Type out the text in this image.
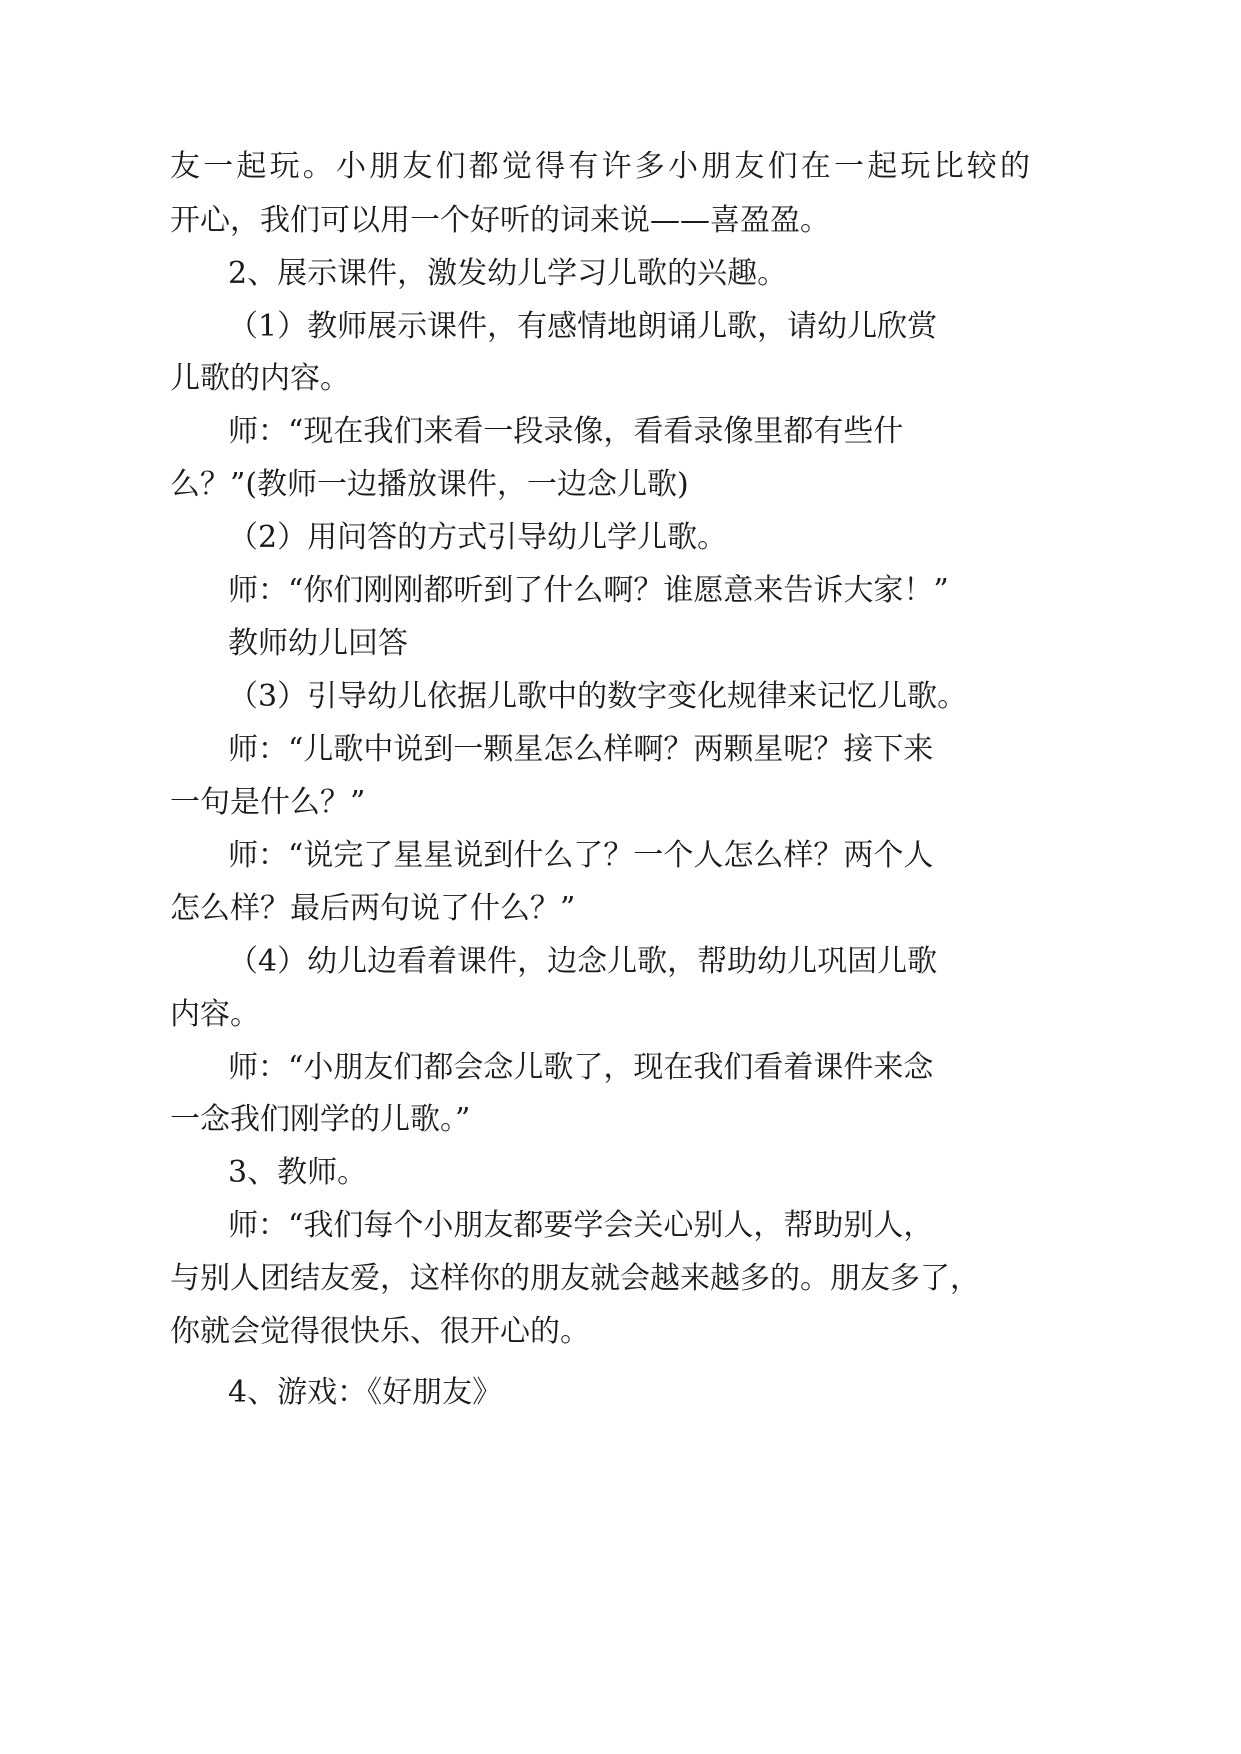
友一起玩。小朋友们都觉得有许多小朋友们在一起玩比较的

开心，我们可以用一个好听的词来说——喜盈盈。

2、展示课件，激发幼儿学习儿歌的兴趣。

（1）教师展示课件，有感情地朗诵儿歌，请幼儿欣赏

儿歌的内容。

师：“现在我们来看一段录像，看看录像里都有些什

么？”(教师一边播放课件，一边念儿歌)

（2）用问答的方式引导幼儿学儿歌。

师：“你们刚刚都听到了什么啊？谁愿意来告诉大家！”

教师幼儿回答

（3）引导幼儿依据儿歌中的数字变化规律来记忆儿歌。

师：“儿歌中说到一颗星怎么样啊？两颗星呢？接下来

一句是什么？”

师：“说完了星星说到什么了？一个人怎么样？两个人

怎么样？最后两句说了什么？”

（4）幼儿边看着课件，边念儿歌，帮助幼儿巩固儿歌

内容。

师：“小朋友们都会念儿歌了，现在我们看着课件来念

一念我们刚学的儿歌。”

3、教师。

师：“我们每个小朋友都要学会关心别人，帮助别人，

与别人团结友爱，这样你的朋友就会越来越多的。朋友多了，

你就会觉得很快乐、很开心的。

4、游戏：《好朋友》
